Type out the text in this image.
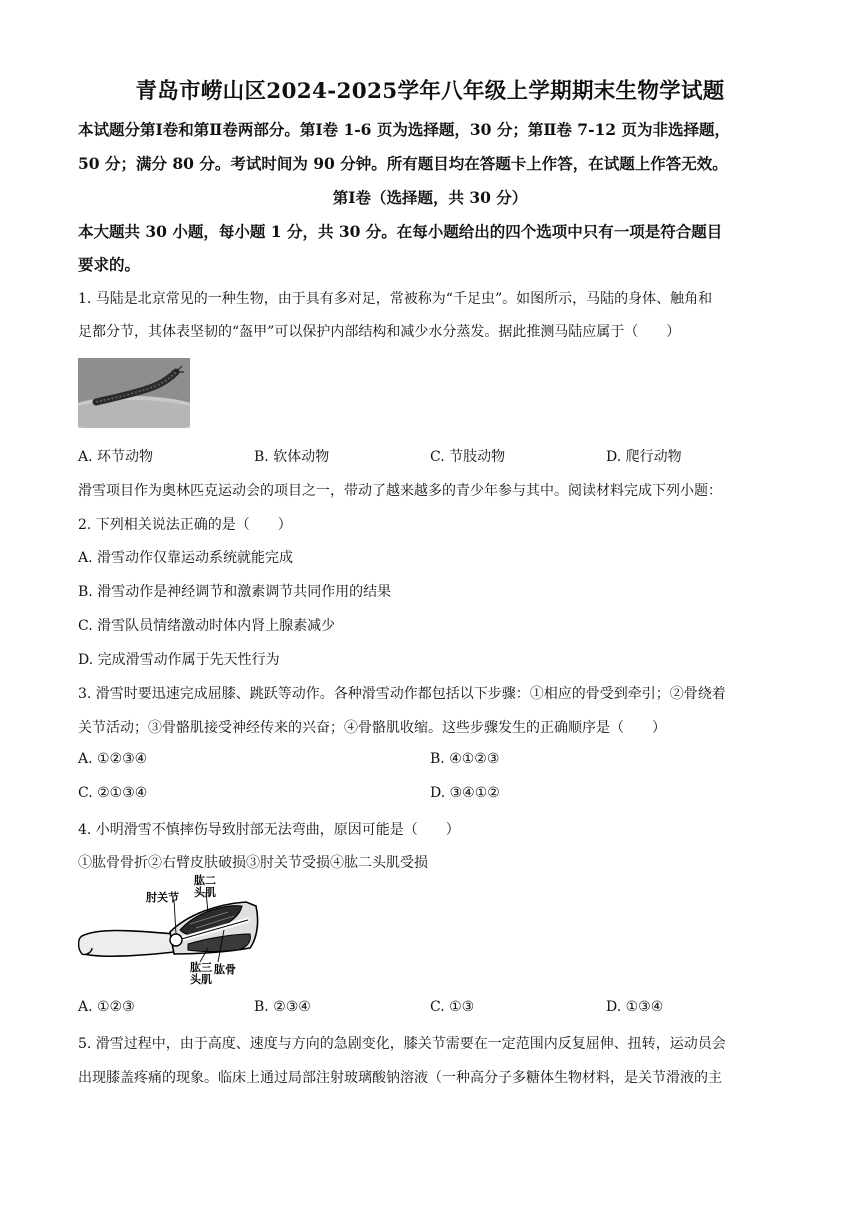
青岛市崂山区2024-2025学年八年级上学期期末生物学试题
本试题分第Ⅰ卷和第Ⅱ卷两部分。第Ⅰ卷 1-6 页为选择题，30 分；第Ⅱ卷 7-12 页为非选择题，
50 分；满分 80 分。考试时间为 90 分钟。所有题目均在答题卡上作答，在试题上作答无效。
第Ⅰ卷（选择题，共 30 分）
本大题共 30 小题，每小题 1 分，共 30 分。在每小题给出的四个选项中只有一项是符合题目
要求的。
1. 马陆是北京常见的一种生物，由于具有多对足，常被称为“千足虫”。如图所示，马陆的身体、触角和
足都分节，其体表坚韧的“盔甲”可以保护内部结构和减少水分蒸发。据此推测马陆应属于（　　）
A. 环节动物	B. 软体动物	C. 节肢动物	D. 爬行动物
滑雪项目作为奥林匹克运动会的项目之一，带动了越来越多的青少年参与其中。阅读材料完成下列小题：
2. 下列相关说法正确的是（　　）
A. 滑雪动作仅靠运动系统就能完成
B. 滑雪动作是神经调节和激素调节共同作用的结果
C. 滑雪队员情绪激动时体内肾上腺素减少
D. 完成滑雪动作属于先天性行为
3. 滑雪时要迅速完成屈膝、跳跃等动作。各种滑雪动作都包括以下步骤：①相应的骨受到牵引；②骨绕着
关节活动；③骨骼肌接受神经传来的兴奋；④骨骼肌收缩。这些步骤发生的正确顺序是（　　）
A. ①②③④	B. ④①②③
C. ②①③④	D. ③④①②
4. 小明滑雪不慎摔伤导致肘部无法弯曲，原因可能是（　　）
①肱骨骨折②右臂皮肤破损③肘关节受损④肱二头肌受损
肘关节
肱二
头肌
肱三
头肌
肱骨
A. ①②③	B. ②③④	C. ①③	D. ①③④
5. 滑雪过程中，由于高度、速度与方向的急剧变化，膝关节需要在一定范围内反复屈伸、扭转，运动员会
出现膝盖疼痛的现象。临床上通过局部注射玻璃酸钠溶液（一种高分子多糖体生物材料，是关节滑液的主
